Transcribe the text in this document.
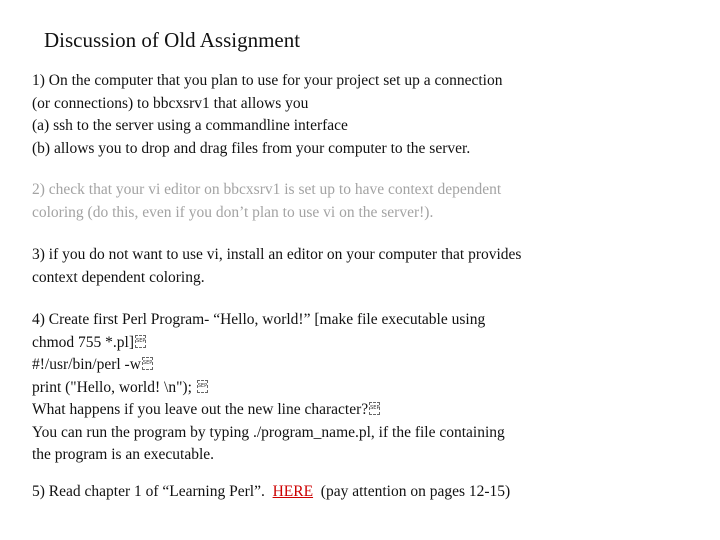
Discussion of Old Assignment
1) On the computer that you plan to use for your project set up a connection
(or connections) to bbcxsrv1 that allows you
(a) ssh to the server using a commandline interface
(b) allows you to drop and drag files from your computer to the server.
2) check that your vi editor on bbcxsrv1 is set up to have context dependent
coloring (do this, even if you don’t plan to use vi on the server!).
3) if you do not want to use vi, install an editor on your computer that provides
context dependent coloring.
4) Create first Perl Program- “Hello, world!” [make file executable using
chmod 755 *.pl] SEP
#!/usr/bin/perl -w SEP
print ("Hello, world! \n"); SEP
What happens if you leave out the new line character? SEP
You can run the program by typing ./program_name.pl, if the file containing
the program is an executable.
5) Read chapter 1 of “Learning Perl”.  HERE  (pay attention on pages 12-15)
